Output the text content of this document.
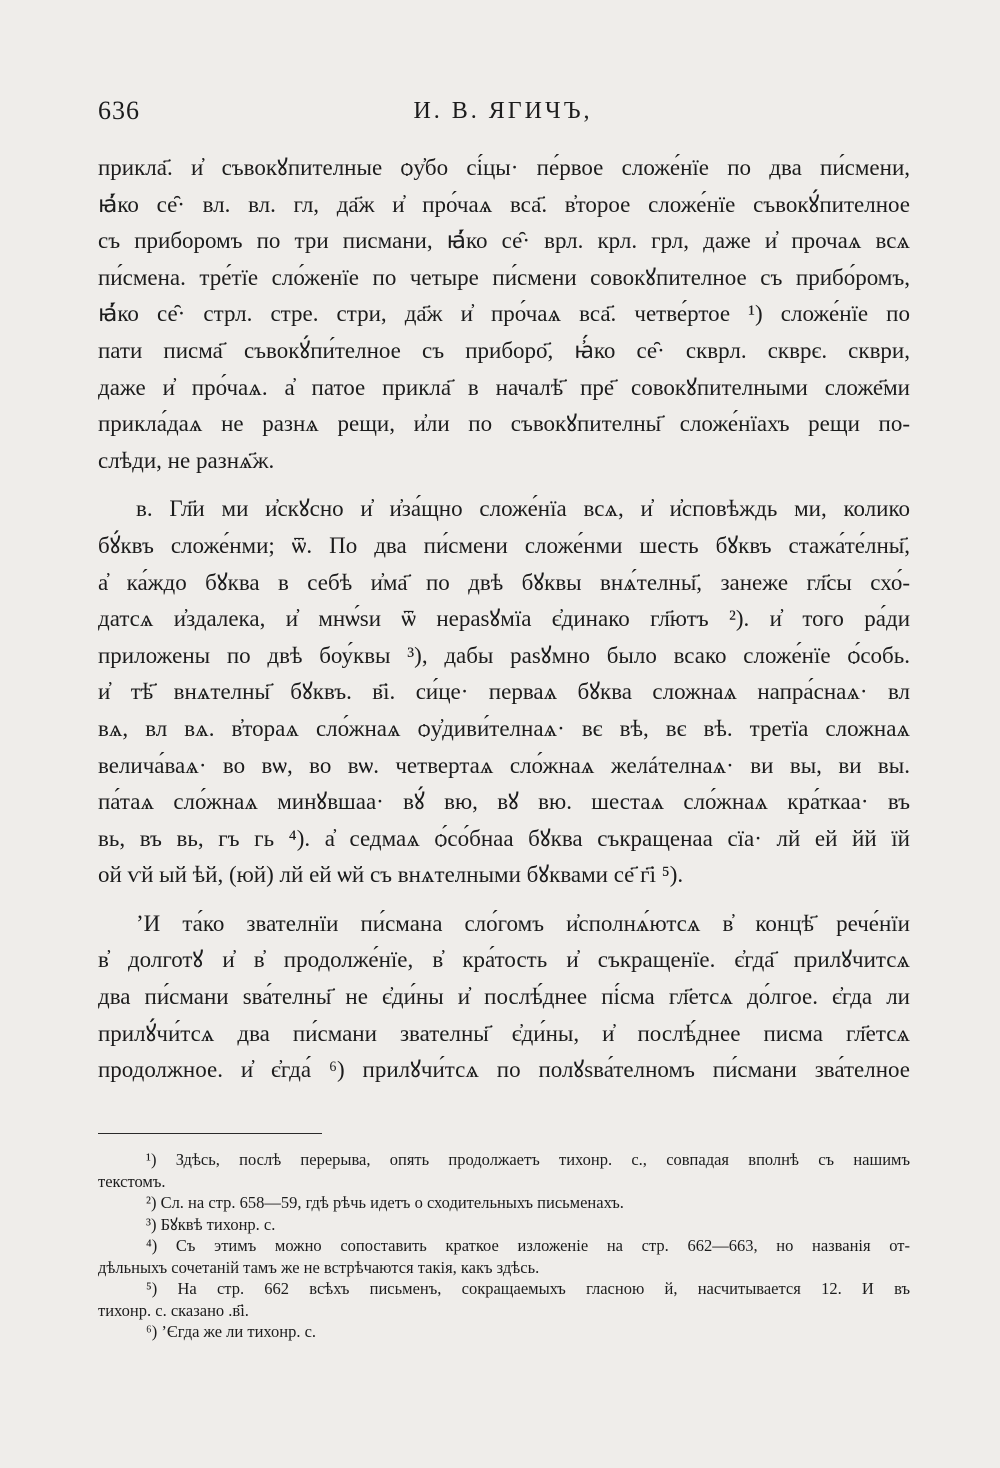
636	И. В. ЯГИЧЪ,
прикла҃. и҆ съвокꙋпителные ѻу҆бо сі́цы· пе́рвое сложе́нїе по два пи́смени,
ꙗ҆́ко се̑· вл. вл. гл, да҃ж и҆ про́чаѧ вса҃. в҆торое сложе́нїе съвокꙋ́пителное
съ приборомъ по три писмани, ꙗ҆́ко се̑· врл. крл. грл, даже и҆ прочаѧ всѧ
пи́смена. тре́тїе сло́женїе по четыре пи́смени совокꙋпителное съ прибо́ромъ,
ꙗ҆́ко се̑· стрл. стре. стри, да҃ж и҆ про́чаѧ вса҃. четве́ртое ¹) сложе́нїе по
пати писма҃ съвокꙋ́пи́телное съ приборо҃, ꙗ҆́ко се̑· скврл. скврє. скври,
даже и҆ про́чаѧ. а҆ патое прикла҃ в началѣ҃ пре҃ совокꙋпителными сложе҃ми
прикла́даѧ не разнѧ рещи, и҆ли по съвокꙋпителны҃ сложе́нїахъ рещи по-
слѣди, не разнѧ҃ж.
в. Гл҃и ми и҆скꙋсно и҆ и҆за́щно сложе́нїа всѧ, и҆ и҆сповѣждь ми, колико
бꙋ́квъ сложе́нми; ѿ. По два пи́смени сложе́нми шесть бꙋквъ стажа́те́лны҃,
а҆ ка́ждо бꙋква в себѣ и҆ма҃ по двѣ бꙋквы внѧ́телны҃, занеже гл҃сы схо́-
датсѧ и҆здалека, и҆ мнѡ́ѕи ѿ нераѕꙋмїа є҆динако гл҃ютъ ²). и҆ того ра́ди
приложены по двѣ боу́квы ³), дабы раѕꙋмно было всако сложе́нїе ѻ́собь.
и҆ тѣ҃ внѧтелны҃ бꙋквъ. в҃і. си́це· перваѧ бꙋква сложнаѧ напра́снаѧ· вл
вѧ, вл вѧ. в҆тораѧ сло́жнаѧ ѻу҆диви́телнаѧ· вє вѣ, вє вѣ. третїа сложнаѧ
велича́ваѧ· во вѡ, во вѡ. четвертаѧ сло́жнаѧ желáтелнаѧ· ви вы, ви вы.
па́таѧ сло́жнаѧ минꙋвшаа· вꙋ́ вю, вꙋ вю. шестаѧ сло́жнаѧ кра́ткаа· въ
вь, въ вь, гъ гь ⁴). а҆ седмаѧ ѻ́со́бнаа бꙋква съкращенаа сїа· лй ей йй їй
ой ѵй ый ѣй, (юй) лй ей ѡй съ внѧтелными бꙋквами се҃ г҃і ⁵).
’И та́ко звателнїи пи́смана сло́гомъ и҆сполнѧ́ютсѧ в҆ концѣ҃ рече́нїи
в҆ долготꙋ и҆ в҆ продолже́нїе, в҆ кра́тость и҆ съкращенїе. є҆гда҃ прилꙋчитсѧ
два пи́смани ѕва́телны҃ не є҆ди́ны и҆ послѣ́днее пі́сма гл҃етсѧ до́лгое. є҆гда ли
прилꙋ́чи́тсѧ два пи́смани звателны҃ є҆ди́ны, и҆ послѣ́днее писма гл҃етсѧ
продолжное. и҆ є҆гда́ ⁶) прилꙋчи́тсѧ по полꙋѕва́телномъ пи́смани зва́телное
¹) Здѣсь, послѣ перерыва, опять продолжаетъ тихонр. с., совпадая вполнѣ съ нашимъ
текстомъ.
²) Сл. на стр. 658—59, гдѣ рѣчь идетъ о сходительныхъ письменахъ.
³) Бꙋквѣ тихонр. с.
⁴) Съ этимъ можно сопоставить краткое изложенiе на стр. 662—663, но названiя от-
дѣльныхъ сочетанiй тамъ же не встрѣчаются такiя, какъ здѣсь.
⁵) На стр. 662 всѣхъ письменъ, сокращаемыхъ гласною й, насчитывается 12. И въ
тихонр. с. сказано .в҃і.
⁶) ’Єгда же ли тихонр. с.
